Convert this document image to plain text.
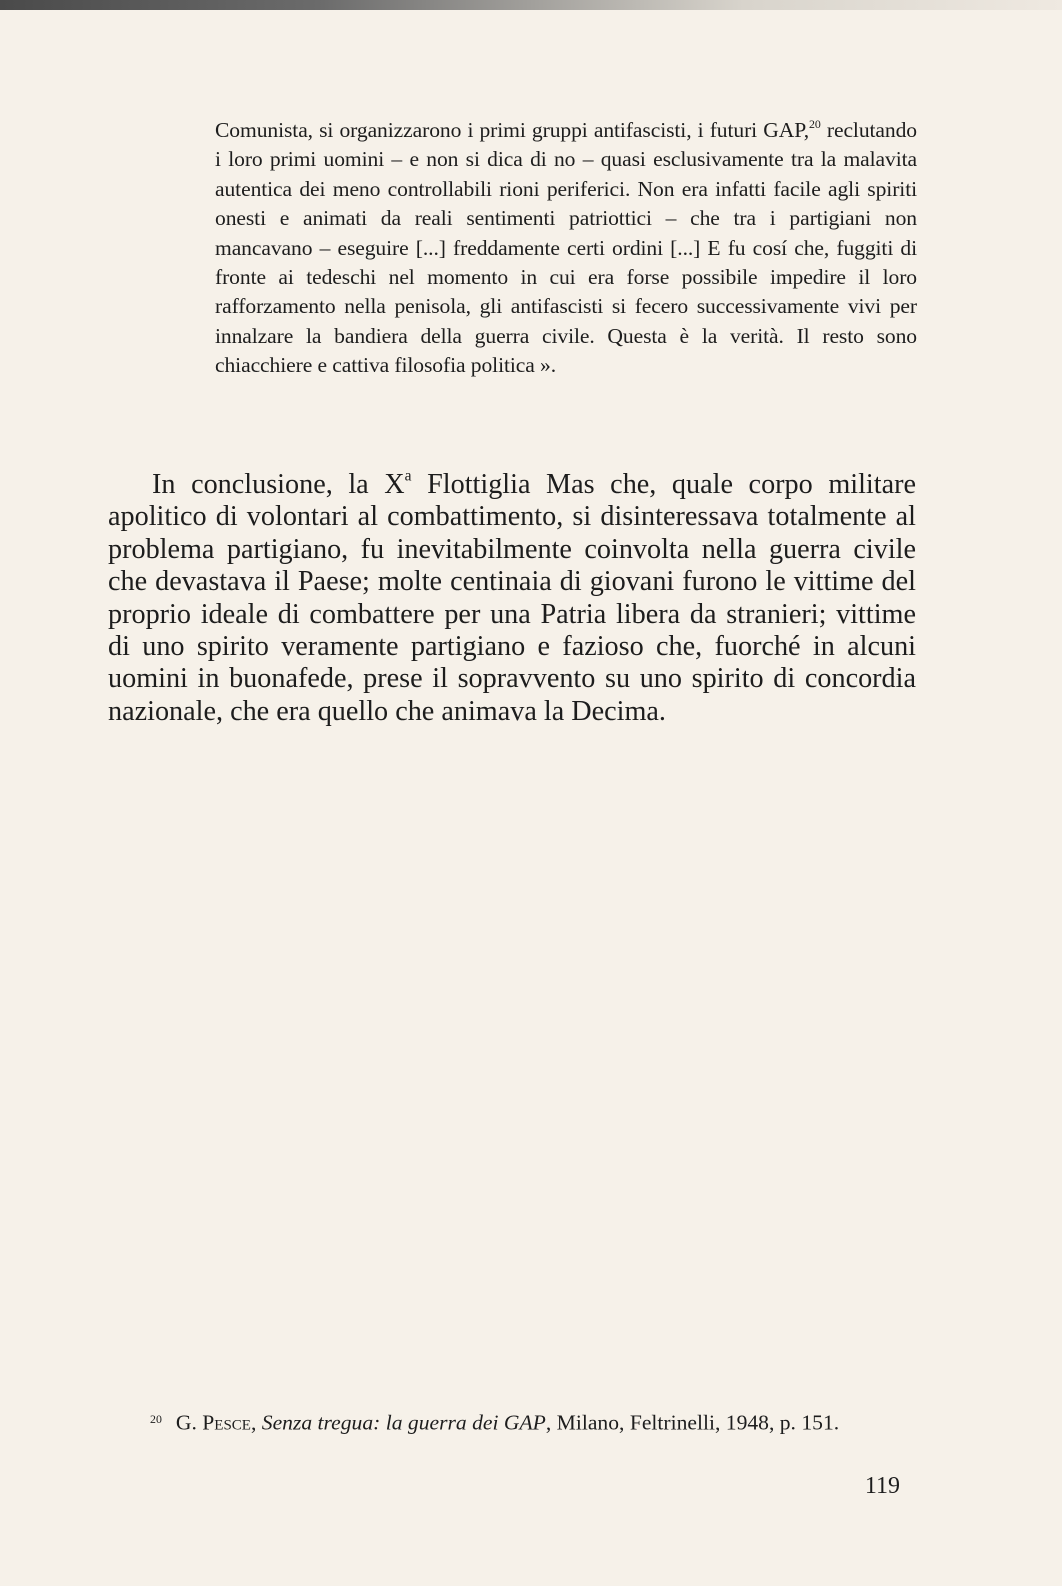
Comunista, si organizzarono i primi gruppi antifascisti, i futuri GAP,$^{20}$ reclutando i loro primi uomini – e non si dica di no – quasi esclusivamente tra la malavita autentica dei meno controllabili rioni periferici. Non era infatti facile agli spiriti onesti e animati da reali sentimenti patriottici – che tra i partigiani non mancavano – eseguire [...] freddamente certi ordini [...] E fu cosí che, fuggiti di fronte ai tedeschi nel momento in cui era forse possibile impedire il loro rafforzamento nella penisola, gli antifascisti si fecero successivamente vivi per innalzare la bandiera della guerra civile. Questa è la verità. Il resto sono chiacchiere e cattiva filosofia politica ».
In conclusione, la $X^a$ Flottiglia Mas che, quale corpo militare apolitico di volontari al combattimento, si disinteressava totalmente al problema partigiano, fu inevitabilmente coinvolta nella guerra civile che devastava il Paese; molte centinaia di giovani furono le vittime del proprio ideale di combattere per una Patria libera da stranieri; vittime di uno spirito veramente partigiano e fazioso che, fuorché in alcuni uomini in buonafede, prese il sopravvento su uno spirito di concordia nazionale, che era quello che animava la Decima.
$^{20}$ G. Pesce, Senza tregua: la guerra dei GAP, Milano, Feltrinelli, 1948, p. 151.
119
